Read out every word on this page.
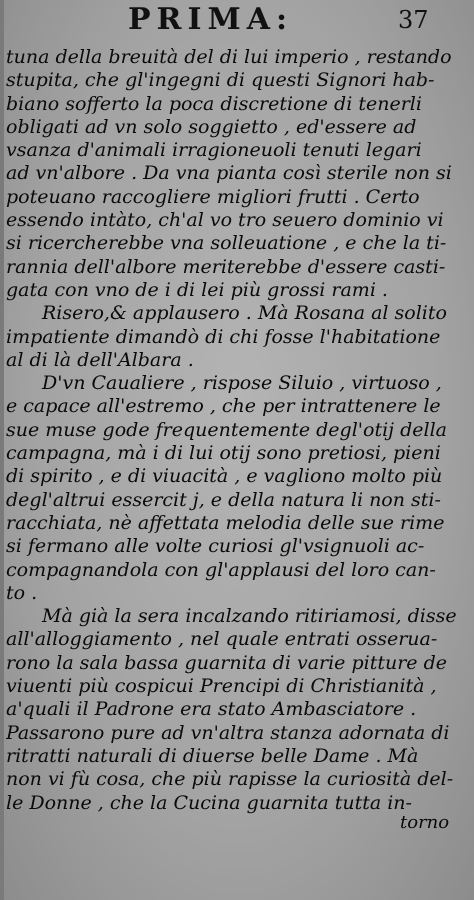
PRIMA:	37
tuna della breuità del di lui imperio , restando
stupita, che gl'ingegni di questi Signori hab-
biano sofferto la poca discretione di tenerli
obligati ad vn solo soggietto , ed'essere ad
vsanza d'animali irragioneuoli tenuti legari
ad vn'albore . Da vna pianta così sterile non si
poteuano raccogliere migliori frutti . Certo
essendo intàto, ch'al vo tro seuero dominio vi
si ricercherebbe vna solleuatione , e che la ti-
rannia dell'albore meriterebbe d'essere casti-
gata con vno de i di lei più grossi rami .
Risero,& applausero . Mà Rosana al solito
impatiente dimandò di chi fosse l'habitatione
al di là dell'Albara .
D'vn Caualiere , rispose Siluio , virtuoso ,
e capace all'estremo , che per intrattenere le
sue muse gode frequentemente degl'otij della
campagna, mà i di lui otij sono pretiosi, pieni
di spirito , e di viuacità , e vagliono molto più
degl'altrui essercit j, e della natura li non sti-
racchiata, nè affettata melodia delle sue rime
si fermano alle volte curiosi gl'vsignuoli ac-
compagnandola con gl'applausi del loro can-
to .
Mà già la sera incalzando ritiriamosi, disse
all'alloggiamento , nel quale entrati osserua-
rono la sala bassa guarnita di varie pitture de
viuenti più cospicui Prencipi di Christianità ,
a'quali il Padrone era stato Ambasciatore .
Passarono pure ad vn'altra stanza adornata di
ritratti naturali di diuerse belle Dame . Mà
non vi fù cosa, che più rapisse la curiosità del-
le Donne , che la Cucina guarnita tutta in-
torno
